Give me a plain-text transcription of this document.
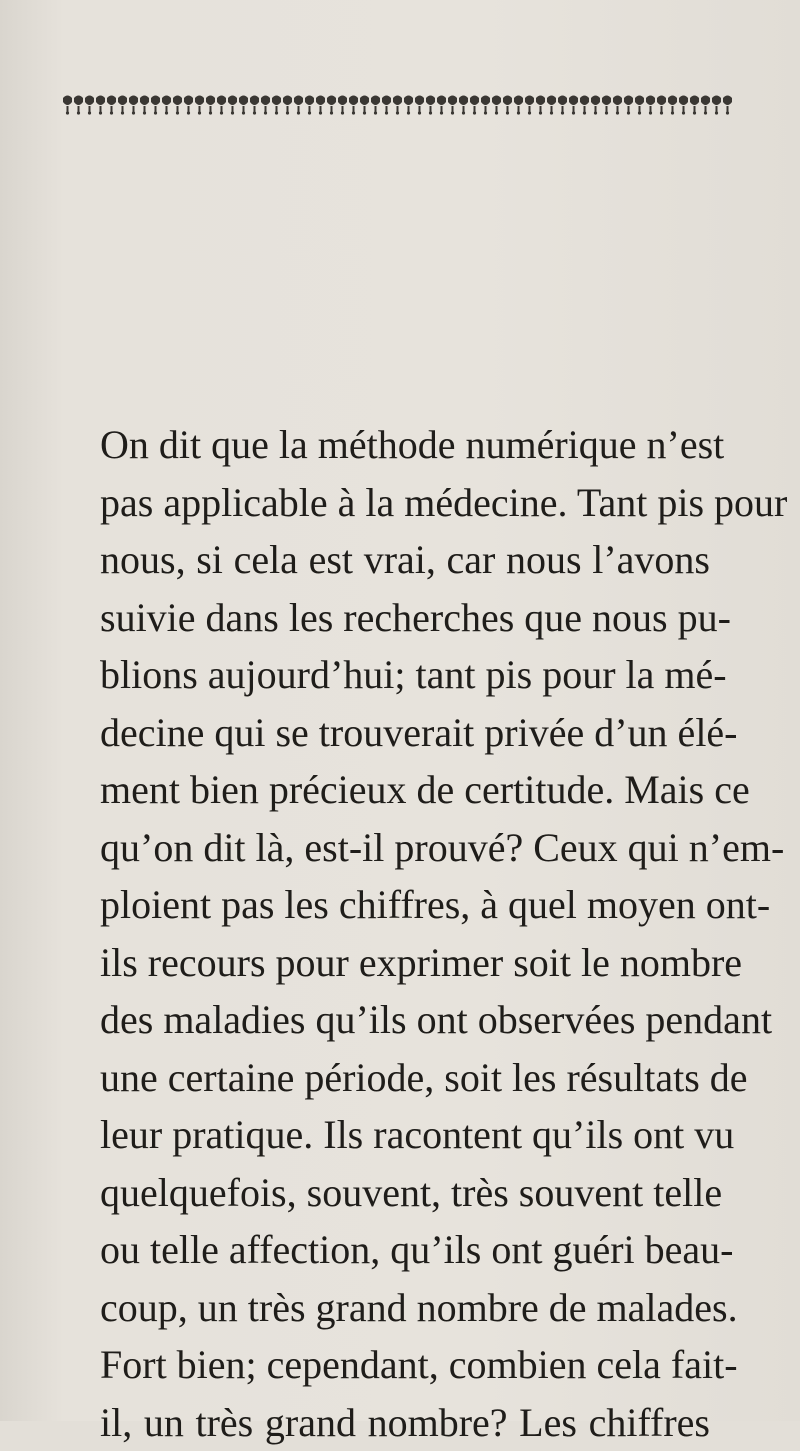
On dit que la méthode numérique n’est
pas applicable à la médecine. Tant pis pour
nous, si cela est vrai, car nous l’avons
suivie dans les recherches que nous pu-
blions aujourd’hui; tant pis pour la mé-
decine qui se trouverait privée d’un élé-
ment bien précieux de certitude. Mais ce
qu’on dit là, est-il prouvé? Ceux qui n’em-
ploient pas les chiffres, à quel moyen ont-
ils recours pour exprimer soit le nombre
des maladies qu’ils ont observées pendant
une certaine période, soit les résultats de
leur pratique. Ils racontent qu’ils ont vu
quelquefois, souvent, très souvent telle
ou telle affection, qu’ils ont guéri beau-
coup, un très grand nombre de malades.
Fort bien; cependant, combien cela fait-
il, un très grand nombre? Les chiffres
